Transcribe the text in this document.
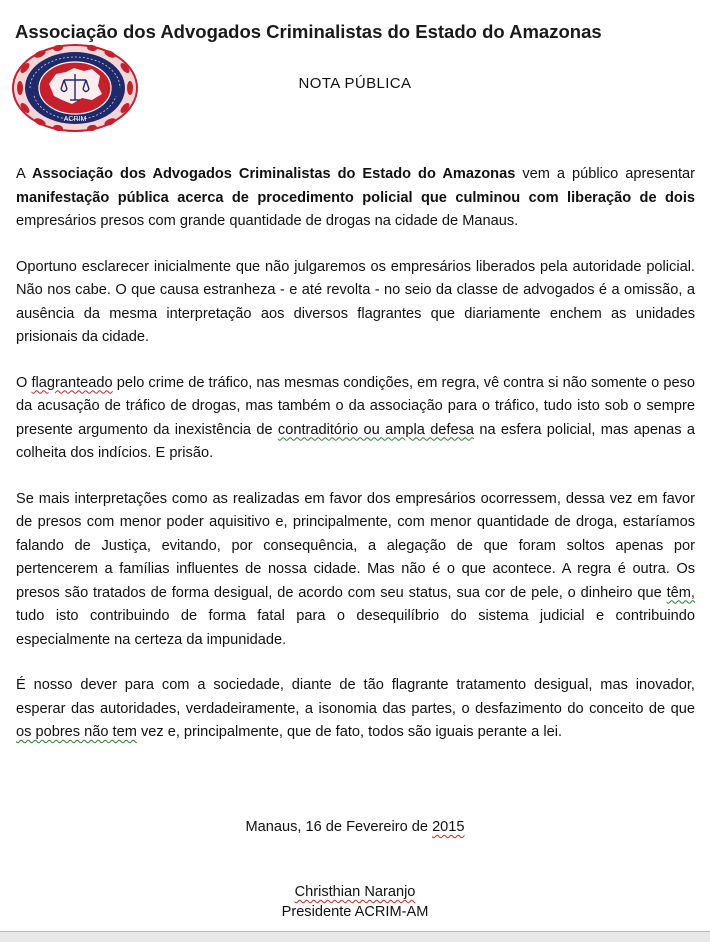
Associação dos Advogados Criminalistas do Estado do Amazonas
ACRIM
NOTA PÚBLICA

A Associação dos Advogados Criminalistas do Estado do Amazonas vem a público apresentar manifestação pública acerca de procedimento policial que culminou com liberação de dois empresários presos com grande quantidade de drogas na cidade de Manaus.

Oportuno esclarecer inicialmente que não julgaremos os empresários liberados pela autoridade policial. Não nos cabe. O que causa estranheza - e até revolta - no seio da classe de advogados é a omissão, a ausência da mesma interpretação aos diversos flagrantes que diariamente enchem as unidades prisionais da cidade.

O flagranteado pelo crime de tráfico, nas mesmas condições, em regra, vê contra si não somente o peso da acusação de tráfico de drogas, mas também o da associação para o tráfico, tudo isto sob o sempre presente argumento da inexistência de contraditório ou ampla defesa na esfera policial, mas apenas a colheita dos indícios. E prisão.

Se mais interpretações como as realizadas em favor dos empresários ocorressem, dessa vez em favor de presos com menor poder aquisitivo e, principalmente, com menor quantidade de droga, estaríamos falando de Justiça, evitando, por consequência, a alegação de que foram soltos apenas por pertencerem a famílias influentes de nossa cidade. Mas não é o que acontece. A regra é outra. Os presos são tratados de forma desigual, de acordo com seu status, sua cor de pele, o dinheiro que têm, tudo isto contribuindo de forma fatal para o desequilíbrio do sistema judicial e contribuindo especialmente na certeza da impunidade.

É nosso dever para com a sociedade, diante de tão flagrante tratamento desigual, mas inovador, esperar das autoridades, verdadeiramente, a isonomia das partes, o desfazimento do conceito de que os pobres não tem vez e, principalmente, que de fato, todos são iguais perante a lei.

Manaus, 16 de Fevereiro de 2015
Christhian Naranjo

Presidente ACRIM-AM
